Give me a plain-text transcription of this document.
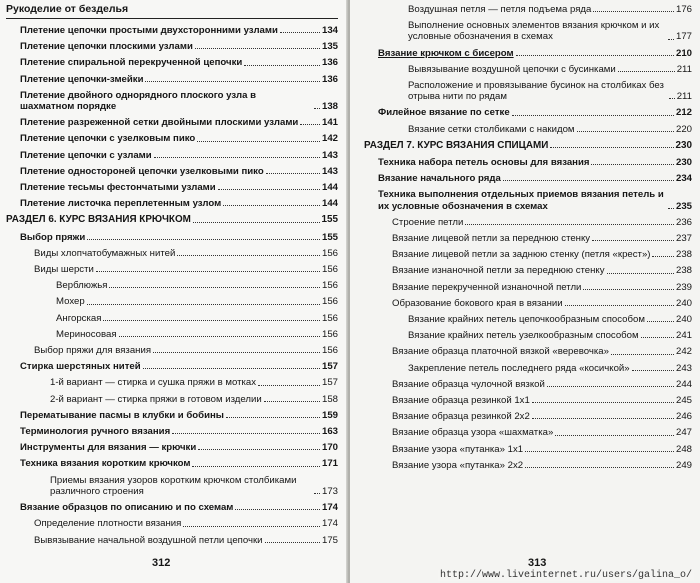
Рукоделие от безделья
Плетение цепочки простыми двухсторонними узлами	134
Плетение цепочки плоскими узлами	135
Плетение спиральной перекрученной цепочки	136
Плетение цепочки-змейки	136
Плетение двойного однорядного плоского узла в шахматном порядке	138
Плетение разреженной сетки двойными плоскими узлами 141
Плетение цепочки с узелковым пико	142
Плетение цепочки с узлами	143
Плетение одностороней цепочки узелковыми пико	143
Плетение тесьмы фестончатыми узлами	144
Плетение листочка переплетенным узлом	144
РАЗДЕЛ 6. КУРС ВЯЗАНИЯ КРЮЧКОМ	155
Выбор пряжи	155
Виды хлопчатобумажных нитей	156
Виды шерсти	156
Верблюжья	156
Мохер	156
Ангорская	156
Мериносовая	156
Выбор пряжи для вязания	156
Стирка шерстяных нитей	157
1-й вариант — стирка и сушка пряжи в мотках	157
2-й вариант — стирка пряжи в готовом изделии	158
Перематывание пасмы в клубки и бобины	159
Терминология ручного вязания	163
Инструменты для вязания — крючки	170
Техника вязания коротким крючком	171
Приемы вязания узоров коротким крючком столбиками различного строения	173
Вязание образцов по описанию и по схемам	174
Определение плотности вязания	174
Вывязывание начальной воздушной петли цепочки	175
312
Воздушная петля — петля подъема ряда	176
Выполнение основных элементов вязания крючком и их условные обозначения в схемах	177
Вязание крючком с бисером	210
Вывязывание воздушной цепочки с бусинками	211
Расположение и провязывание бусинок на столбиках без отрыва нити по рядам	211
Филейное вязание по сетке	212
Вязание сетки столбиками с накидом	220
РАЗДЕЛ 7. КУРС ВЯЗАНИЯ СПИЦАМИ	230
Техника набора петель основы для вязания	230
Вязание начального ряда	234
Техника выполнения отдельных приемов вязания петель и их условные обозначения в схемах	235
Строение петли	236
Вязание лицевой петли за переднюю стенку	237
Вязание лицевой петли за заднюю стенку (петля «крест»)	238
Вязание изнаночной петли за переднюю стенку	238
Вязание перекрученной изнаночной петли	239
Образование бокового края в вязании	240
Вязание крайних петель цепочкообразным способом	240
Вязание крайних петель узелкообразным способом	241
Вязание образца платочной вязкой «веревочка»	242
Закрепление петель последнего ряда «косичкой»	243
Вязание образца чулочной вязкой	244
Вязание образца резинкой 1х1	245
Вязание образца резинкой 2х2	246
Вязание образца узора «шахматка»	247
Вязание узора «путанка» 1х1	248
Вязание узора «путанка» 2х2	249
313
http://www.liveinternet.ru/users/galina_o/
